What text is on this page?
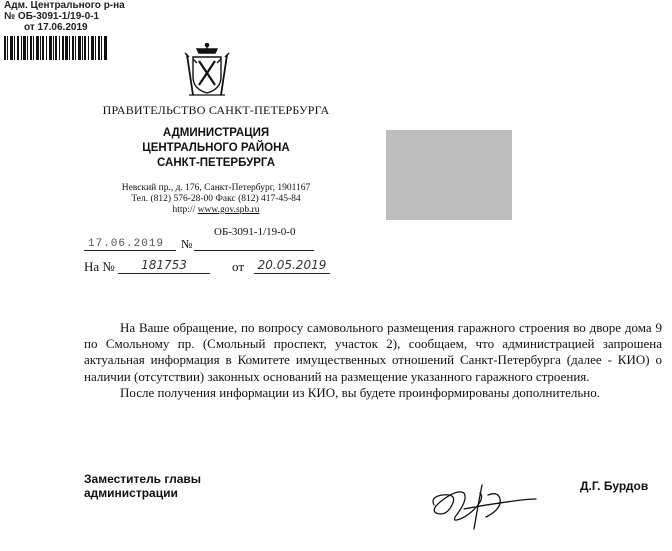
Адм. Центрального р-на
№ ОБ-3091-1/19-0-1
от 17.06.2019
ПРАВИТЕЛЬСТВО САНКТ-ПЕТЕРБУРГА
АДМИНИСТРАЦИЯ
ЦЕНТРАЛЬНОГО РАЙОНА
САНКТ-ПЕТЕРБУРГА
Невский пр., д. 176, Санкт-Петербург, 1901167
Тел. (812) 576-28-00 Факс (812) 417-45-84
http:// www.gov.spb.ru
ОБ-3091-1/19-0-0
17.06.2019 №
На №	181753	от	20.05.2019

На Ваше обращение, по вопросу самовольного размещения гаражного строения во дворе дома 9 по Смольному пр. (Смольный проспект, участок 2), сообщаем, что администрацией запрошена актуальная информация в Комитете имущественных отношений Санкт-Петербурга (далее - КИО) о наличии (отсутствии) законных оснований на размещение указанного гаражного строения.

После получения информации из КИО, вы будете проинформированы дополнительно.

Заместитель главы
администрации	Д.Г. Бурдов
